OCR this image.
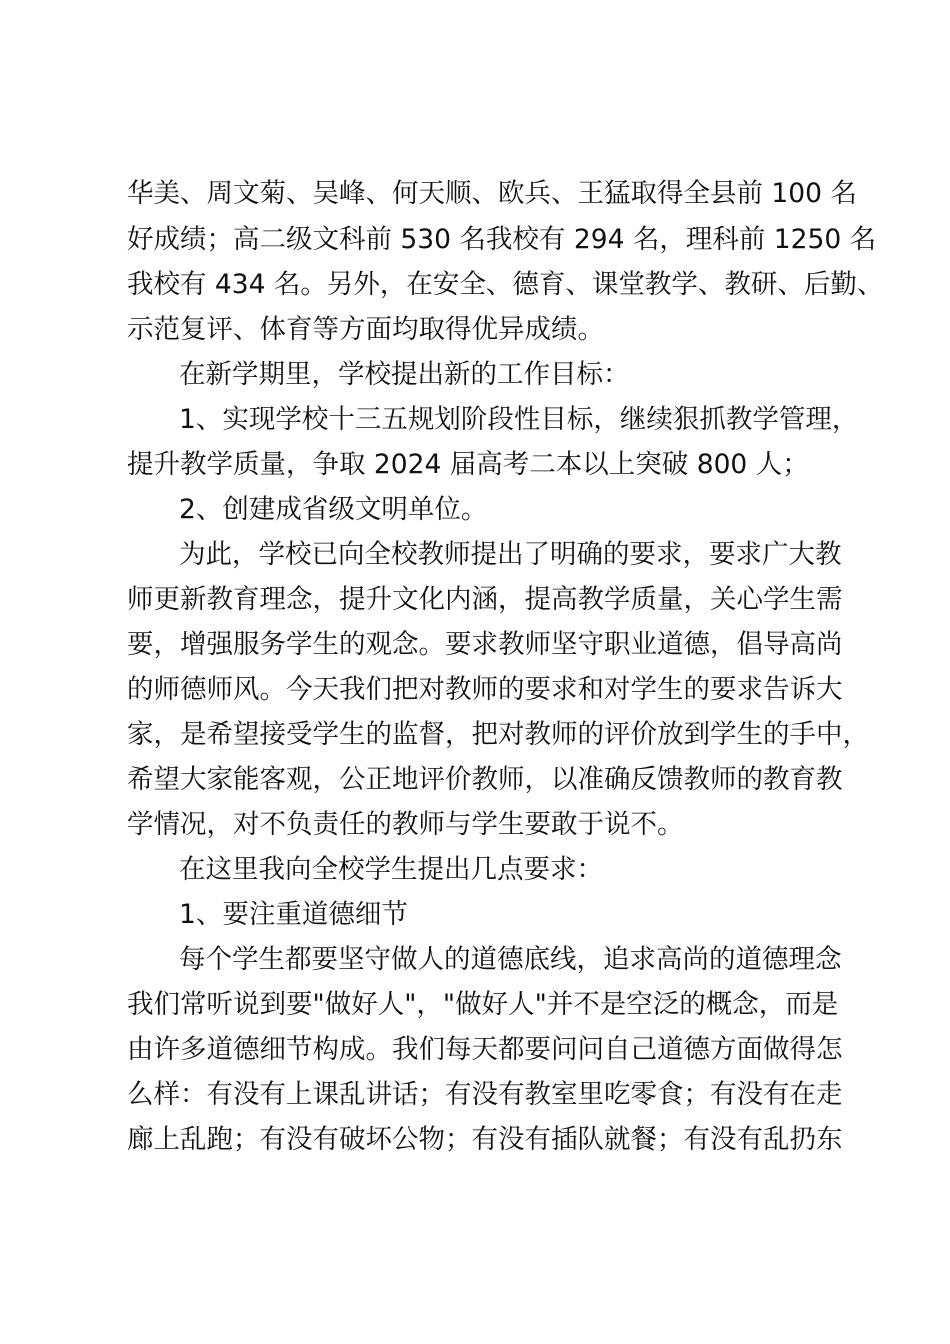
华美、周文菊、吴峰、何天顺、欧兵、王猛取得全县前 100 名
好成绩；高二级文科前 530 名我校有 294 名，理科前 1250 名
我校有 434 名。另外，在安全、德育、课堂教学、教研、后勤、
示范复评、体育等方面均取得优异成绩。
在新学期里，学校提出新的工作目标：
1、实现学校十三五规划阶段性目标，继续狠抓教学管理，
提升教学质量，争取 2024 届高考二本以上突破 800 人；
2、创建成省级文明单位。
为此，学校已向全校教师提出了明确的要求，要求广大教
师更新教育理念，提升文化内涵，提高教学质量，关心学生需
要，增强服务学生的观念。要求教师坚守职业道德，倡导高尚
的师德师风。今天我们把对教师的要求和对学生的要求告诉大
家，是希望接受学生的监督，把对教师的评价放到学生的手中，
希望大家能客观，公正地评价教师，以准确反馈教师的教育教
学情况，对不负责任的教师与学生要敢于说不。
在这里我向全校学生提出几点要求：
1、要注重道德细节
每个学生都要坚守做人的道德底线，追求高尚的道德理念
我们常听说到要"做好人"，"做好人"并不是空泛的概念，而是
由许多道德细节构成。我们每天都要问问自己道德方面做得怎
么样：有没有上课乱讲话；有没有教室里吃零食；有没有在走
廊上乱跑；有没有破坏公物；有没有插队就餐；有没有乱扔东
